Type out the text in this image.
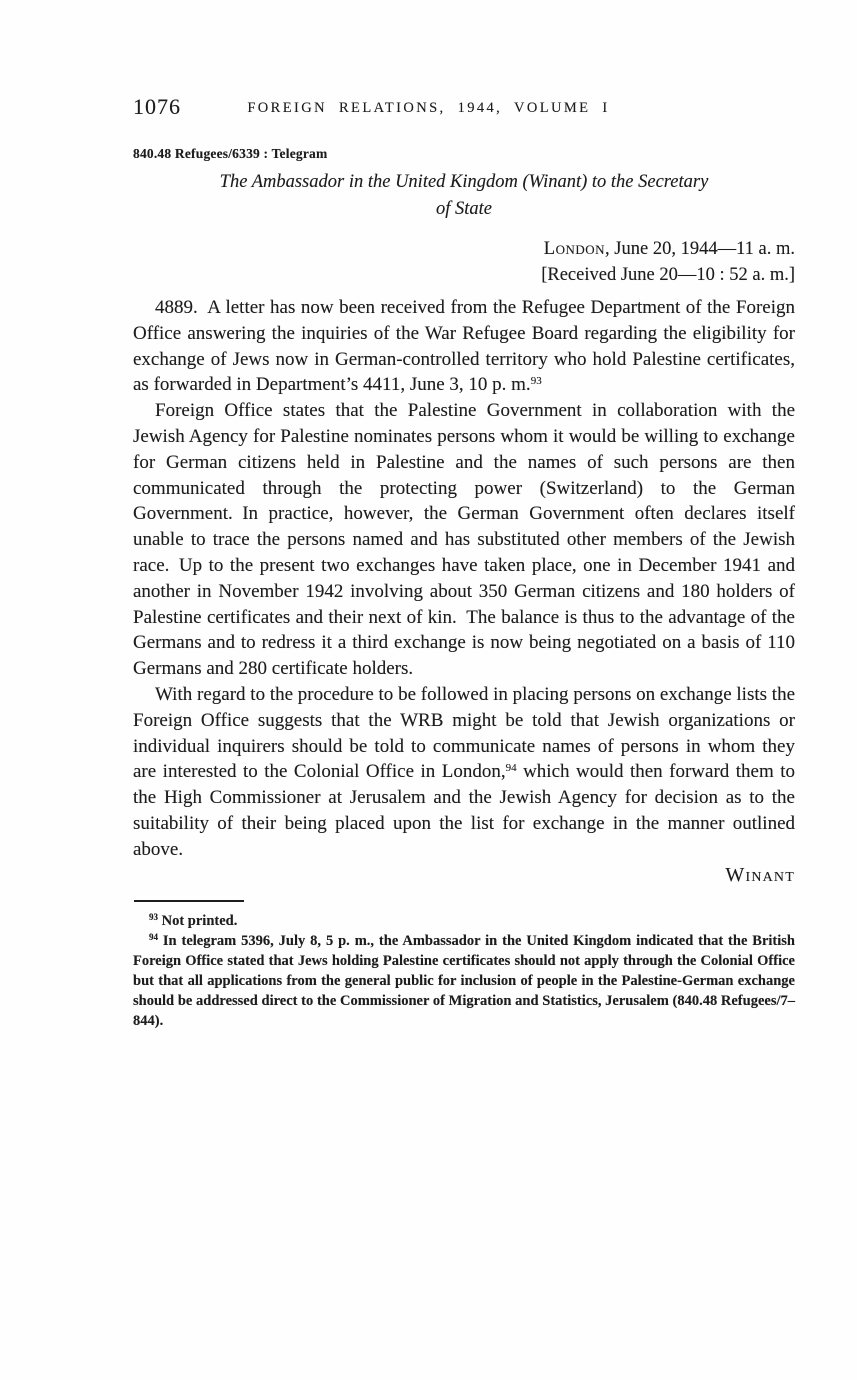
1076	FOREIGN RELATIONS, 1944, VOLUME I
840.48 Refugees/6339 : Telegram
The Ambassador in the United Kingdom (Winant) to the Secretary
of State
London, June 20, 1944—11 a. m.
[Received June 20—10 : 52 a. m.]

4889. A letter has now been received from the Refugee Department of the Foreign Office answering the inquiries of the War Refugee Board regarding the eligibility for exchange of Jews now in German-controlled territory who hold Palestine certificates, as forwarded in Department’s 4411, June 3, 10 p. m.$^{93}$

Foreign Office states that the Palestine Government in collaboration with the Jewish Agency for Palestine nominates persons whom it would be willing to exchange for German citizens held in Palestine and the names of such persons are then communicated through the protecting power (Switzerland) to the German Government. In practice, however, the German Government often declares itself unable to trace the persons named and has substituted other members of the Jewish race. Up to the present two exchanges have taken place, one in December 1941 and another in November 1942 involving about 350 German citizens and 180 holders of Palestine certificates and their next of kin. The balance is thus to the advantage of the Germans and to redress it a third exchange is now being negotiated on a basis of 110 Germans and 280 certificate holders.

With regard to the procedure to be followed in placing persons on exchange lists the Foreign Office suggests that the WRB might be told that Jewish organizations or individual inquirers should be told to communicate names of persons in whom they are interested to the Colonial Office in London,$^{94}$ which would then forward them to the High Commissioner at Jerusalem and the Jewish Agency for decision as to the suitability of their being placed upon the list for exchange in the manner outlined above.

Winant

$^{93}$ Not printed.

$^{94}$ In telegram 5396, July 8, 5 p. m., the Ambassador in the United Kingdom indicated that the British Foreign Office stated that Jews holding Palestine certificates should not apply through the Colonial Office but that all applications from the general public for inclusion of people in the Palestine-German exchange should be addressed direct to the Commissioner of Migration and Statistics, Jerusalem (840.48 Refugees/7–844).
